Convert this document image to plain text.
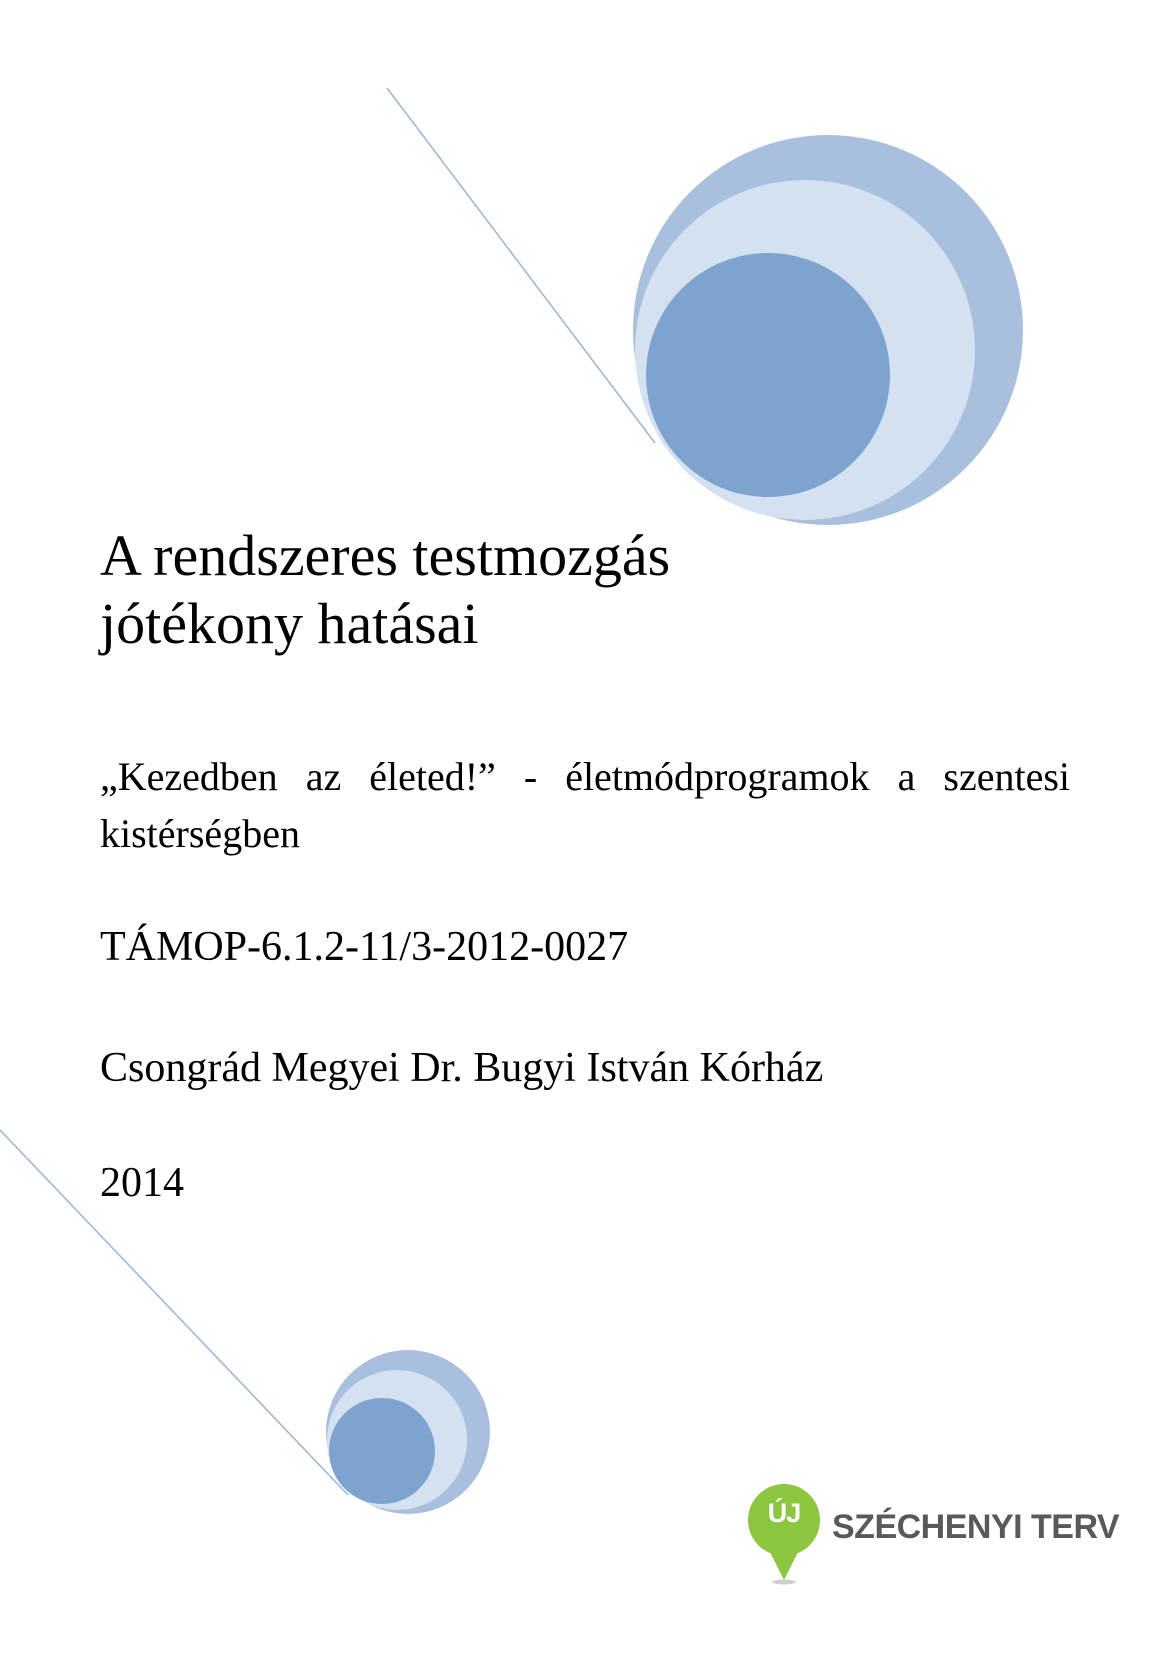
A rendszeres testmozgás
jótékony hatásai

„Kezedben az életed!” - életmódprogramok a szentesi kistérségben

TÁMOP-6.1.2-11/3-2012-0027

Csongrád Megyei Dr. Bugyi István Kórház

2014

ÚJ SZÉCHENYI TERV
